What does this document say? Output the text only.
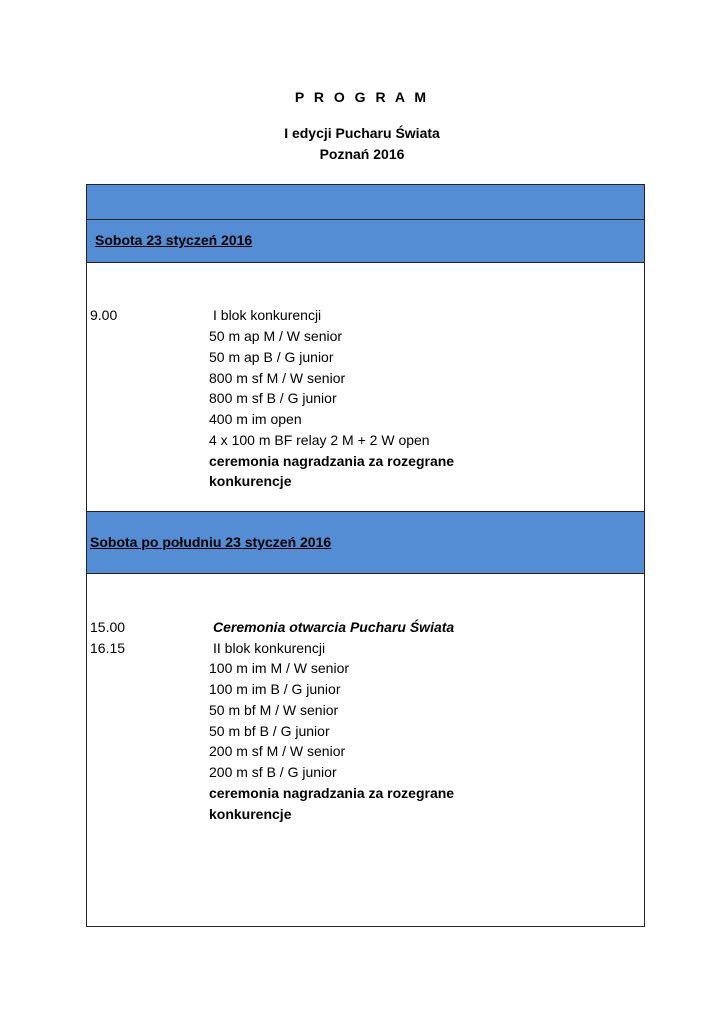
P R O G R A M
I edycji Pucharu Świata
Poznań 2016
Sobota 23 styczeń 2016
9.00	I blok konkurencji
50 m ap M / W senior
50 m ap B / G junior
800 m sf M / W senior
800 m sf B / G junior
400 m im open
4 x 100 m BF relay 2 M + 2 W open
ceremonia nagradzania za rozegrane
konkurencje
Sobota po południu 23 styczeń 2016
15.00	Ceremonia otwarcia Pucharu Świata
16.15	II blok konkurencji
100 m im M / W senior
100 m im B / G junior
50 m bf M / W senior
50 m bf B / G junior
200 m sf M / W senior
200 m sf B / G junior
ceremonia nagradzania za rozegrane
konkurencje
